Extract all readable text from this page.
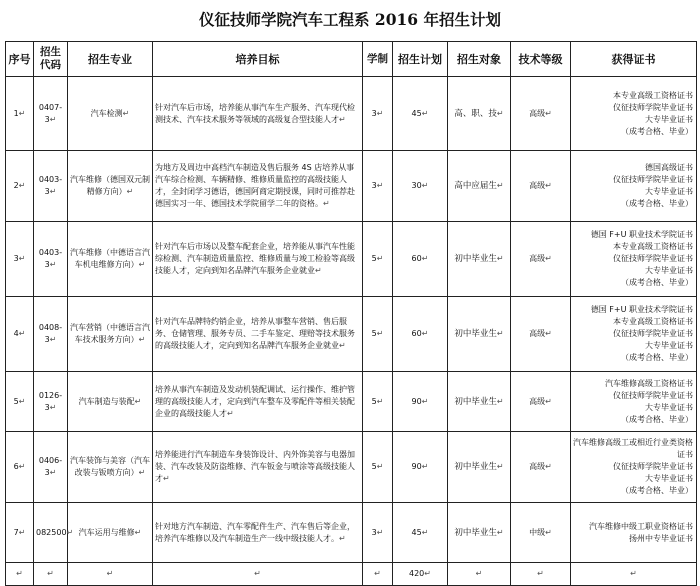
仪征技师学院汽车工程系 2016 年招生计划
序号	招生代码	招生专业	培养目标	学制	招生计划	招生对象	技术等级	获得证书
1↵	0407-3↵	汽车检测↵	针对汽车后市场，培养能从事汽车生产服务、汽车现代检测技术、汽车技术服务等领域的高级复合型技能人才↵	3↵	45↵	高、职、技↵	高级↵	本专业高级工资格证书
仪征技师学院毕业证书
大专毕业证书
（成考合格、毕业）

2↵	0403-3↵	汽车维修（德国双元制精修方向）↵	为地方及周边中高档汽车制造及售后服务 4S 店培养从事汽车综合检测、车辆精修、维修质量监控的高级技能人才，全封闭学习德语，德国阿商定期授课，同时可推荐赴德国实习一年、德国技术学院留学二年的资格。↵	3↵	30↵	高中应届生↵	高级↵	德国高级证书
仪征技师学院毕业证书
大专毕业证书
（成考合格、毕业）

3↵	0403-3↵	汽车维修（中德语言汽车机电维修方向）↵	针对汽车后市场以及整车配套企业，培养能从事汽车性能综检测、汽车制造质量监控、维修质量与竣工检验等高级技能人才，定向到知名品牌汽车服务企业就业↵	5↵	60↵	初中毕业生↵	高级↵	德国 F+U 职业技术学院证书
本专业高级工资格证书
仪征技师学院毕业证书
大专毕业证书
（成考合格、毕业）

4↵	0408-3↵	汽车营销（中德语言汽车技术服务方向）↵	针对汽车品牌特约销企业，培养从事整车营销、售后服务、仓储管理、服务专员、二手车鉴定、理赔等技术服务的高级技能人才，定向到知名品牌汽车服务企业就业↵	5↵	60↵	初中毕业生↵	高级↵	德国 F+U 职业技术学院证书
本专业高级工资格证书
仪征技师学院毕业证书
大专毕业证书
（成考合格、毕业）

5↵	0126-3↵	汽车制造与装配↵	培养从事汽车制造及发动机装配调试、运行操作、维护管理的高级技能人才，定向到汽车整车及零配件等相关装配企业的高级技能人才↵	5↵	90↵	初中毕业生↵	高级↵	汽车维修高级工资格证书
仪征技师学院毕业证书
大专毕业证书
（成考合格、毕业）

6↵	0406-3↵	汽车装饰与美容（汽车改装与钣喷方向）↵	培养能进行汽车制造车身装饰设计、内外饰美容与电器加装、汽车改装及防盗维修、汽车钣金与喷涂等高级技能人才↵	5↵	90↵	初中毕业生↵	高级↵	汽车维修高级工或相近行业类资格证书
仪征技师学院毕业证书
大专毕业证书
（成考合格、毕业）

7↵	082500↵	汽车运用与维修↵	针对地方汽车制造、汽车零配件生产、汽车售后等企业，培养汽车维修以及汽车制造生产一线中级技能人才。↵	3↵	45↵	初中毕业生↵	中级↵	汽车维修中级工职业资格证书
扬州中专毕业证书

↵	↵	↵	↵	↵	420↵	↵	↵	↵
